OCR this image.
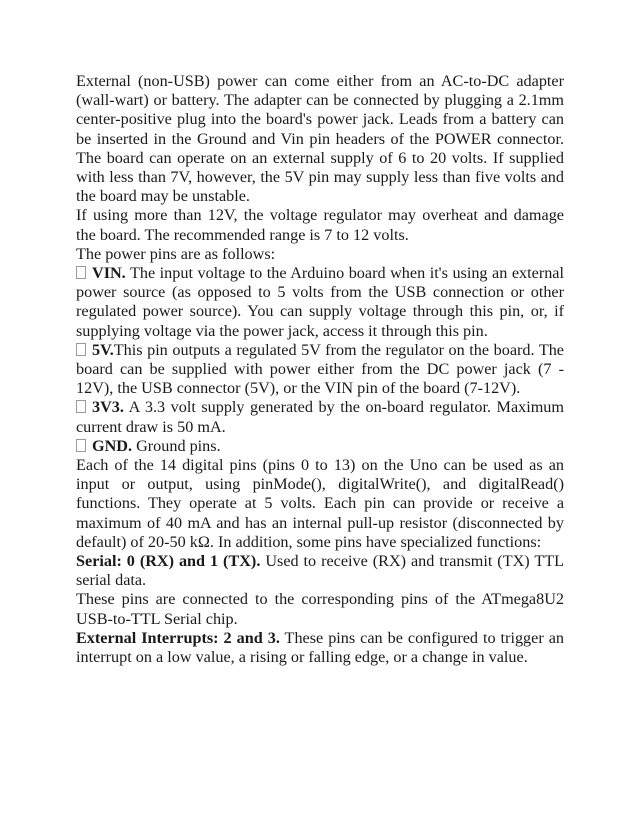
External (non-USB) power can come either from an AC-to-DC adapter (wall-wart) or battery. The adapter can be connected by plugging a 2.1mm center-positive plug into the board's power jack. Leads from a battery can be inserted in the Ground and Vin pin headers of the POWER connector. The board can operate on an external supply of 6 to 20 volts. If supplied with less than 7V, however, the 5V pin may supply less than five volts and the board may be unstable.

If using more than 12V, the voltage regulator may overheat and damage the board. The recommended range is 7 to 12 volts.

The power pins are as follows:

VIN. The input voltage to the Arduino board when it's using an external power source (as opposed to 5 volts from the USB connection or other regulated power source). You can supply voltage through this pin, or, if supplying voltage via the power jack, access it through this pin.

5V.This pin outputs a regulated 5V from the regulator on the board. The board can be supplied with power either from the DC power jack (7 - 12V), the USB connector (5V), or the VIN pin of the board (7-12V).

3V3. A 3.3 volt supply generated by the on-board regulator. Maximum current draw is 50 mA.

GND. Ground pins.

Each of the 14 digital pins (pins 0 to 13) on the Uno can be used as an input or output, using pinMode(), digitalWrite(), and digitalRead() functions. They operate at 5 volts. Each pin can provide or receive a maximum of 40 mA and has an internal pull-up resistor (disconnected by default) of 20-50 kΩ. In addition, some pins have specialized functions:

Serial: 0 (RX) and 1 (TX). Used to receive (RX) and transmit (TX) TTL serial data.

These pins are connected to the corresponding pins of the ATmega8U2 USB-to-TTL Serial chip.

External Interrupts: 2 and 3. These pins can be configured to trigger an interrupt on a low value, a rising or falling edge, or a change in value.
